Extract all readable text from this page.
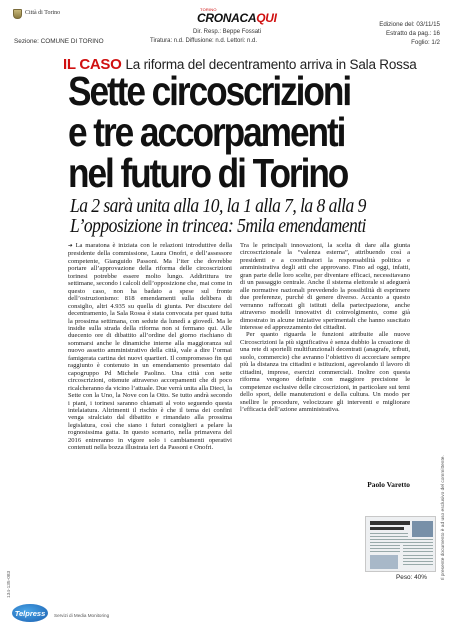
Città di Torino
Sezione: COMUNE DI TORINO
TORINO
CRONACAQUI
Dir. Resp.: Beppe Fossati
Tiratura: n.d. Diffusione: n.d. Lettori: n.d.
Edizione del: 03/11/15
Estratto da pag.: 16
Foglio: 1/2
IL CASO La riforma del decentramento arriva in Sala Rossa
Sette circoscrizioni
e tre accorpamenti
nel futuro di Torino
La 2 sarà unita alla 10, la 1 alla 7, la 8 alla 9
L’opposizione in trincea: 5mila emendamenti
➔ La maratona è iniziata con le relazioni introduttive della presidente della commissione, Laura Onofri, e dell’assessore competente, Gianguido Passoni. Ma l’iter che dovrebbe portare all’approvazione della riforma delle circoscrizioni torinesi potrebbe essere molto lungo. Addirittura tre settimane, secondo i calcoli dell’opposizione che, mai come in questo caso, non ha badato a spese sul fronte dell’ostruzionismo: 818 emendamenti sulla delibera di consiglio, altri 4.935 su quella di giunta. Per discutere del decentramento, la Sala Rossa è stata convocata per quasi tutta la prossima settimana, con sedute da lunedì a giovedì. Ma le insidie sulla strada della riforma non si fermano qui. Alle duecento ore di dibattito all’ordine del giorno rischiano di sommarsi anche le dinamiche interne alla maggioranza sul nuovo assetto amministrativo della città, vale a dire l’ormai famigerata cartina dei nuovi quartieri. Il compromesso fin qui raggiunto è contenuto in un emendamento presentato dal capogruppo Pd Michele Paolino. Una città con sette circoscrizioni, ottenute attraverso accorpamenti che di poco ricalcheranno da vicino l’attuale. Due verrà unita alla Dieci, la Sette con la Uno, la Nove con la Otto. Se tutto andrà secondo i piani, i torinesi saranno chiamati al voto seguendo questa intelaiatura. Altrimenti il rischio è che il tema dei confini venga stralciato dal dibattito e rimandato alla prossima legislatura, così che siano i futuri consiglieri a pelare la rognosissima gatta. In questo scenario, nella primavera del 2016 entreranno in vigore solo i cambiamenti operativi contenuti nella bozza illustrata ieri da Passoni e Onofri.
Tra le principali innovazioni, la scelta di dare alla giunta circoscrizionale la “valenza esterna”, attribuendo così a presidenti e a coordinatori la responsabilità politica e amministrativa degli atti che approvano. Fino ad oggi, infatti, gran parte delle loro scelte, per diventare efficaci, necessitavano di un passaggio centrale. Anche il sistema elettorale si adeguerà alle normative nazionali prevedendo la possibilità di esprimere due preferenze, purché di genere diverso. Accanto a questo verranno rafforzati gli istituti della partecipazione, anche attraverso modelli innovativi di coinvolgimento, come già dimostrato in alcune iniziative sperimentali che hanno suscitato interesse ed apprezzamento dei cittadini.
Per quanto riguarda le funzioni attribuite alle nuove Circoscrizioni la più significativa è senza dubbio la creazione di una rete di sportelli multifunzionali decentrati (anagrafe, tributi, suolo, commercio) che avranno l’obiettivo di accorciare sempre più la distanza tra cittadini e istituzioni, agevolando il lavoro di cittadini, imprese, esercizi commerciali. Inoltre con questa riforma vengono definite con maggiore precisione le competenze esclusive delle circoscrizioni, in particolare sui temi dello sport, delle manutenzioni e della cultura. Un modo per snellire le procedure, velocizzare gli interventi e migliorare l’efficacia dell’azione amministrativa.
Paolo Varetto
Peso: 40%	Il presente documento è ad uso esclusivo del committente.
134-135-083
Telpress Servizi di Media Monitoring
